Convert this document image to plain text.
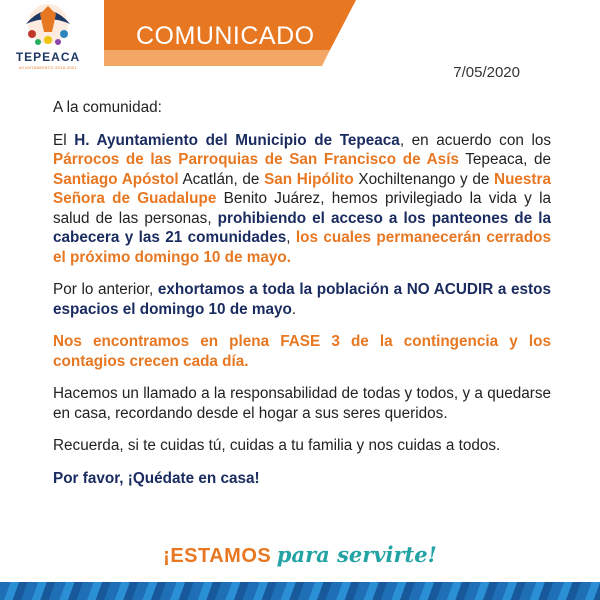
TEPEACA
AYUNTAMIENTO 2018-2021
COMUNICADO
7/05/2020

A la comunidad:

El H. Ayuntamiento del Municipio de Tepeaca, en acuerdo con los Párrocos de las Parroquias de San Francisco de Asís Tepeaca, de Santiago Apóstol Acatlán, de San Hipólito Xochiltenango y de Nuestra Señora de Guadalupe Benito Juárez, hemos privilegiado la vida y la salud de las personas, prohibiendo el acceso a los panteones de la cabecera y las 21 comunidades, los cuales permanecerán cerrados el próximo domingo 10 de mayo.

Por lo anterior, exhortamos a toda la población a NO ACUDIR a estos espacios el domingo 10 de mayo.

Nos encontramos en plena FASE 3 de la contingencia y los contagios crecen cada día.

Hacemos un llamado a la responsabilidad de todas y todos, y a quedarse en casa, recordando desde el hogar a sus seres queridos.

Recuerda, si te cuidas tú, cuidas a tu familia y nos cuidas a todos.

Por favor, ¡Quédate en casa!

¡ESTAMOS para servirte!
